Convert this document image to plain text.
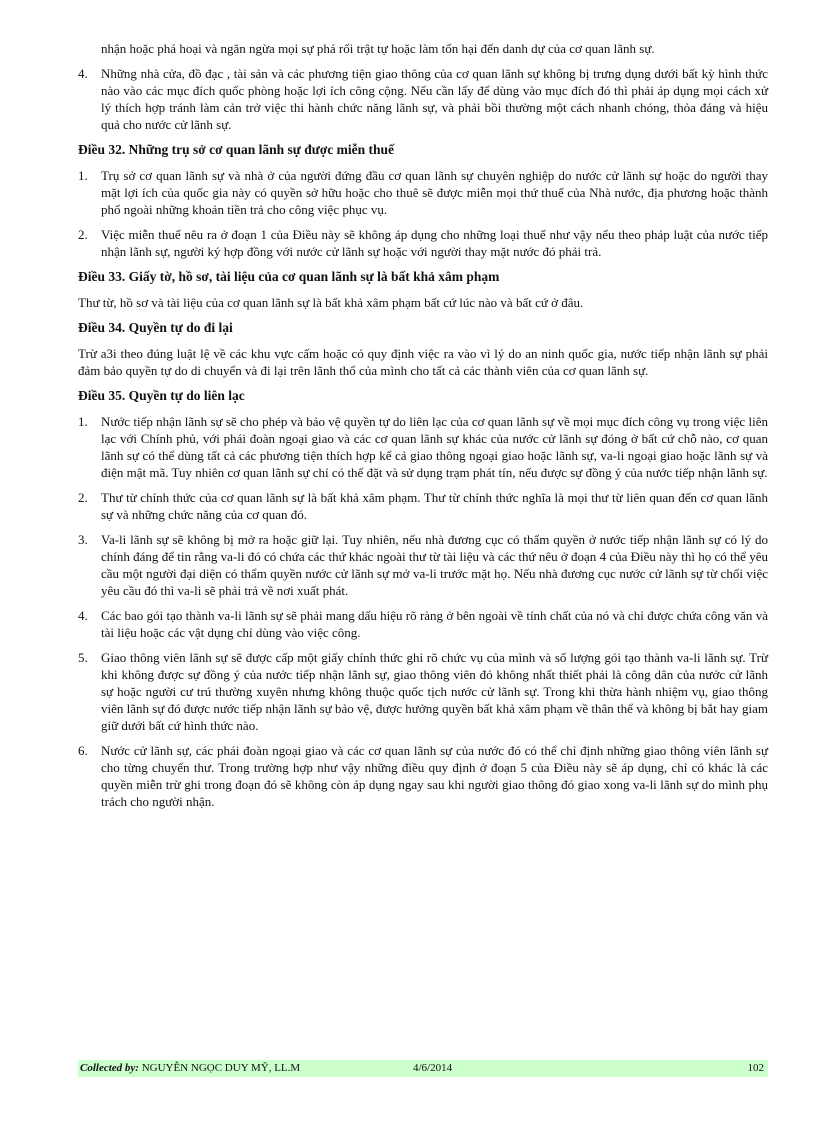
nhận hoặc phá hoại và ngăn ngừa mọi sự phá rối trật tự hoặc làm tổn hại đến danh dự của cơ quan lãnh sự.

4.	Những nhà cửa, đồ đạc , tài sản và các phương tiện giao thông của cơ quan lãnh sự không bị trưng dụng dưới bất kỳ hình thức nào vào các mục đích quốc phòng hoặc lợi ích công cộng. Nếu cần lấy để dùng vào mục đích đó thì phải áp dụng mọi cách xử lý thích hợp tránh làm cản trở việc thi hành chức năng lãnh sự, và phải bồi thường một cách nhanh chóng, thỏa đáng và hiệu quả cho nước cử lãnh sự.

Điều 32. Những trụ sở cơ quan lãnh sự được miễn thuế

1.	Trụ sở cơ quan lãnh sự và nhà ở của người đứng đầu cơ quan lãnh sự chuyên nghiệp do nước cử lãnh sự hoặc do người thay mặt lợi ích của quốc gia này có quyền sở hữu hoặc cho thuê sẽ được miễn mọi thứ thuế của Nhà nước, địa phương hoặc thành phố ngoài những khoản tiền trả cho công việc phục vụ.
2.	Việc miễn thuế nêu ra ở đoạn 1 của Điều này sẽ không áp dụng cho những loại thuế như vậy nếu theo pháp luật của nước tiếp nhận lãnh sự, người ký hợp đồng với nước cử lãnh sự hoặc với người thay mặt nước đó phải trả.

Điều 33. Giấy tờ, hồ sơ, tài liệu của cơ quan lãnh sự là bất khả xâm phạm

Thư từ, hồ sơ và tài liệu của cơ quan lãnh sự là bất khả xâm phạm bất cứ lúc nào và bất cứ ở đâu.

Điều 34. Quyền tự do đi lại

Trừ a3i theo đúng luật lệ về các khu vực cấm hoặc có quy định việc ra vào vì lý do an ninh quốc gia, nước tiếp nhận lãnh sự phải đảm bảo quyền tự do di chuyển và đi lại trên lãnh thổ của mình cho tất cả các thành viên của cơ quan lãnh sự.

Điều 35. Quyền tự do liên lạc

1.	Nước tiếp nhận lãnh sự sẽ cho phép và bảo vệ quyền tự do liên lạc của cơ quan lãnh sự về mọi mục đích công vụ trong việc liên lạc với Chính phủ, với phái đoàn ngoại giao và các cơ quan lãnh sự khác của nước cử lãnh sự đóng ở bất cứ chỗ nào, cơ quan lãnh sự có thể dùng tất cả các phương tiện thích hợp kể cả giao thông ngoại giao hoặc lãnh sự, va-li ngoại giao hoặc lãnh sự và điện mật mã. Tuy nhiên cơ quan lãnh sự chỉ có thể đặt và sử dụng trạm phát tín, nếu được sự đồng ý của nước tiếp nhận lãnh sự.
2.	Thư từ chính thức của cơ quan lãnh sự là bất khả xâm phạm. Thư từ chính thức nghĩa là mọi thư từ liên quan đến cơ quan lãnh sự và những chức năng của cơ quan đó.
3.	Va-li lãnh sự sẽ không bị mở ra hoặc giữ lại. Tuy nhiên, nếu nhà đương cục có thẩm quyền ở nước tiếp nhận lãnh sự có lý do chính đáng để tin rằng va-li đó có chứa các thứ khác ngoài thư từ tài liệu và các thứ nêu ở đoạn 4 của Điều này thì họ có thể yêu cầu một người đại diện có thẩm quyền nước cử lãnh sự mở va-li trước mặt họ. Nếu nhà đương cục nước cử lãnh sự từ chối việc yêu cầu đó thì va-li sẽ phải trả về nơi xuất phát.
4.	Các bao gói tạo thành va-li lãnh sự sẽ phải mang dấu hiệu rõ ràng ở bên ngoài về tính chất của nó và chỉ được chứa công văn và tài liệu hoặc các vật dụng chỉ dùng vào việc công.
5.	Giao thông viên lãnh sự sẽ được cấp một giấy chính thức ghi rõ chức vụ của mình và số lượng gói tạo thành va-li lãnh sự. Trừ khi không được sự đồng ý của nước tiếp nhận lãnh sự, giao thông viên đó không nhất thiết phải là công dân của nước cử lãnh sự hoặc người cư trú thường xuyên nhưng không thuộc quốc tịch nước cử lãnh sự. Trong khi thừa hành nhiệm vụ, giao thông viên lãnh sự đó được nước tiếp nhận lãnh sự bảo vệ, được hưởng quyền bất khả xâm phạm về thân thể và không bị bắt hay giam giữ dưới bất cứ hình thức nào.
6.	Nước cử lãnh sự, các phái đoàn ngoại giao và các cơ quan lãnh sự của nước đó có thể chỉ định những giao thông viên lãnh sự cho từng chuyến thư. Trong trường hợp như vậy những điều quy định ở đoạn 5 của Điều này sẽ áp dụng, chỉ có khác là các quyền miễn trừ ghi trong đoạn đó sẽ không còn áp dụng ngay sau khi người giao thông đó giao xong va-li lãnh sự do mình phụ trách cho người nhận.
Collected by: NGUYỄN NGỌC DUY MỸ, LL.M	4/6/2014	102
